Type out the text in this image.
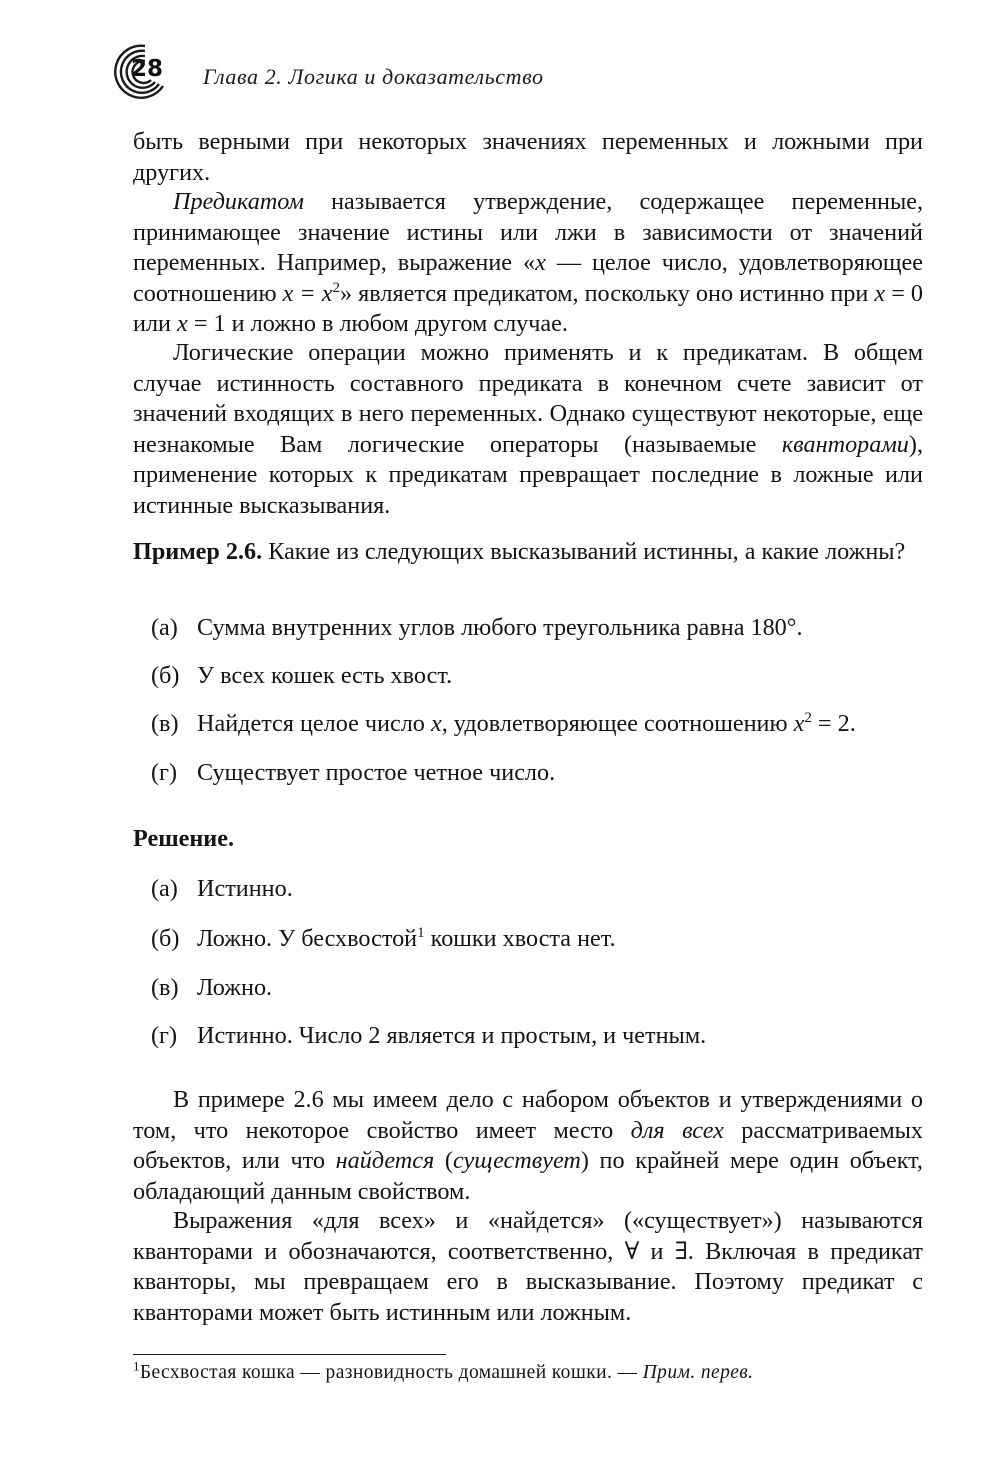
28 Глава 2. Логика и доказательство

быть верными при некоторых значениях переменных и ложными при других.

Предикатом называется утверждение, содержащее переменные, принимающее значение истины или лжи в зависимости от значений переменных. Например, выражение «x — целое число, удовлетворяющее соотношению $x = x^2$» является предикатом, поскольку оно истинно при x = 0 или x = 1 и ложно в любом другом случае.

Логические операции можно применять и к предикатам. В общем случае истинность составного предиката в конечном счете зависит от значений входящих в него переменных. Однако существуют некоторые, еще незнакомые Вам логические операторы (называемые кванторами), применение которых к предикатам превращает последние в ложные или истинные высказывания.

Пример 2.6. Какие из следующих высказываний истинны, а какие ложны?

(а) Сумма внутренних углов любого треугольника равна 180°.
(б) У всех кошек есть хвост.
(в) Найдется целое число x, удовлетворяющее соотношению $x^2 = 2$.
(г) Существует простое четное число.

Решение.

(а) Истинно.
(б) Ложно. У бесхвостой$^1$ кошки хвоста нет.
(в) Ложно.
(г) Истинно. Число 2 является и простым, и четным.

В примере 2.6 мы имеем дело с набором объектов и утверждениями о том, что некоторое свойство имеет место для всех рассматриваемых объектов, или что найдется (существует) по крайней мере один объект, обладающий данным свойством.

Выражения «для всех» и «найдется» («существует») называются кванторами и обозначаются, соответственно, ∀ и ∃. Включая в предикат кванторы, мы превращаем его в высказывание. Поэтому предикат с кванторами может быть истинным или ложным.

$^1$Бесхвостая кошка — разновидность домашней кошки. — Прим. перев.
